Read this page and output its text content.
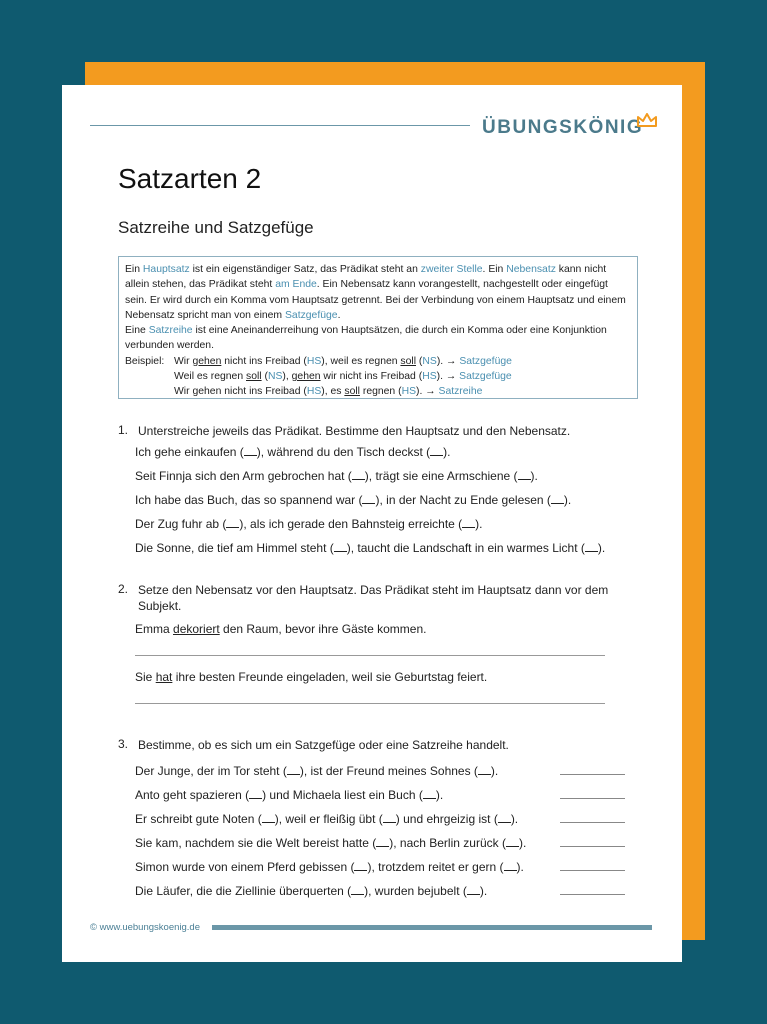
ÜBUNGSKÖNIG
Satzarten 2
Satzreihe und Satzgefüge
Ein Hauptsatz ist ein eigenständiger Satz, das Prädikat steht an zweiter Stelle. Ein Nebensatz kann nicht allein stehen, das Prädikat steht am Ende. Ein Nebensatz kann vorangestellt, nachgestellt oder eingefügt sein. Er wird durch ein Komma vom Hauptsatz getrennt. Bei der Verbindung von einem Hauptsatz und einem Nebensatz spricht man von einem Satzgefüge.
Eine Satzreihe ist eine Aneinanderreihung von Hauptsätzen, die durch ein Komma oder eine Konjunktion verbunden werden.
Beispiel: Wir gehen nicht ins Freibad (HS), weil es regnen soll (NS). → Satzgefüge
Weil es regnen soll (NS), gehen wir nicht ins Freibad (HS). → Satzgefüge
Wir gehen nicht ins Freibad (HS), es soll regnen (HS). → Satzreihe
1. Unterstreiche jeweils das Prädikat. Bestimme den Hauptsatz und den Nebensatz.
Ich gehe einkaufen ( ), während du den Tisch deckst ( ).
Seit Finnja sich den Arm gebrochen hat ( ), trägt sie eine Armschiene ( ).
Ich habe das Buch, das so spannend war ( ), in der Nacht zu Ende gelesen ( ).
Der Zug fuhr ab ( ), als ich gerade den Bahnsteig erreichte ( ).
Die Sonne, die tief am Himmel steht ( ), taucht die Landschaft in ein warmes Licht ( ).
2. Setze den Nebensatz vor den Hauptsatz. Das Prädikat steht im Hauptsatz dann vor dem Subjekt.
Emma dekoriert den Raum, bevor ihre Gäste kommen.
Sie hat ihre besten Freunde eingeladen, weil sie Geburtstag feiert.
3. Bestimme, ob es sich um ein Satzgefüge oder eine Satzreihe handelt.
Der Junge, der im Tor steht ( ), ist der Freund meines Sohnes ( ).
Anto geht spazieren ( ) und Michaela liest ein Buch ( ).
Er schreibt gute Noten ( ), weil er fleißig übt ( ) und ehrgeizig ist ( ).
Sie kam, nachdem sie die Welt bereist hatte ( ), nach Berlin zurück ( ).
Simon wurde von einem Pferd gebissen ( ), trotzdem reitet er gern ( ).
Die Läufer, die die Ziellinie überquerten ( ), wurden bejubelt ( ).
© www.uebungskoenig.de
